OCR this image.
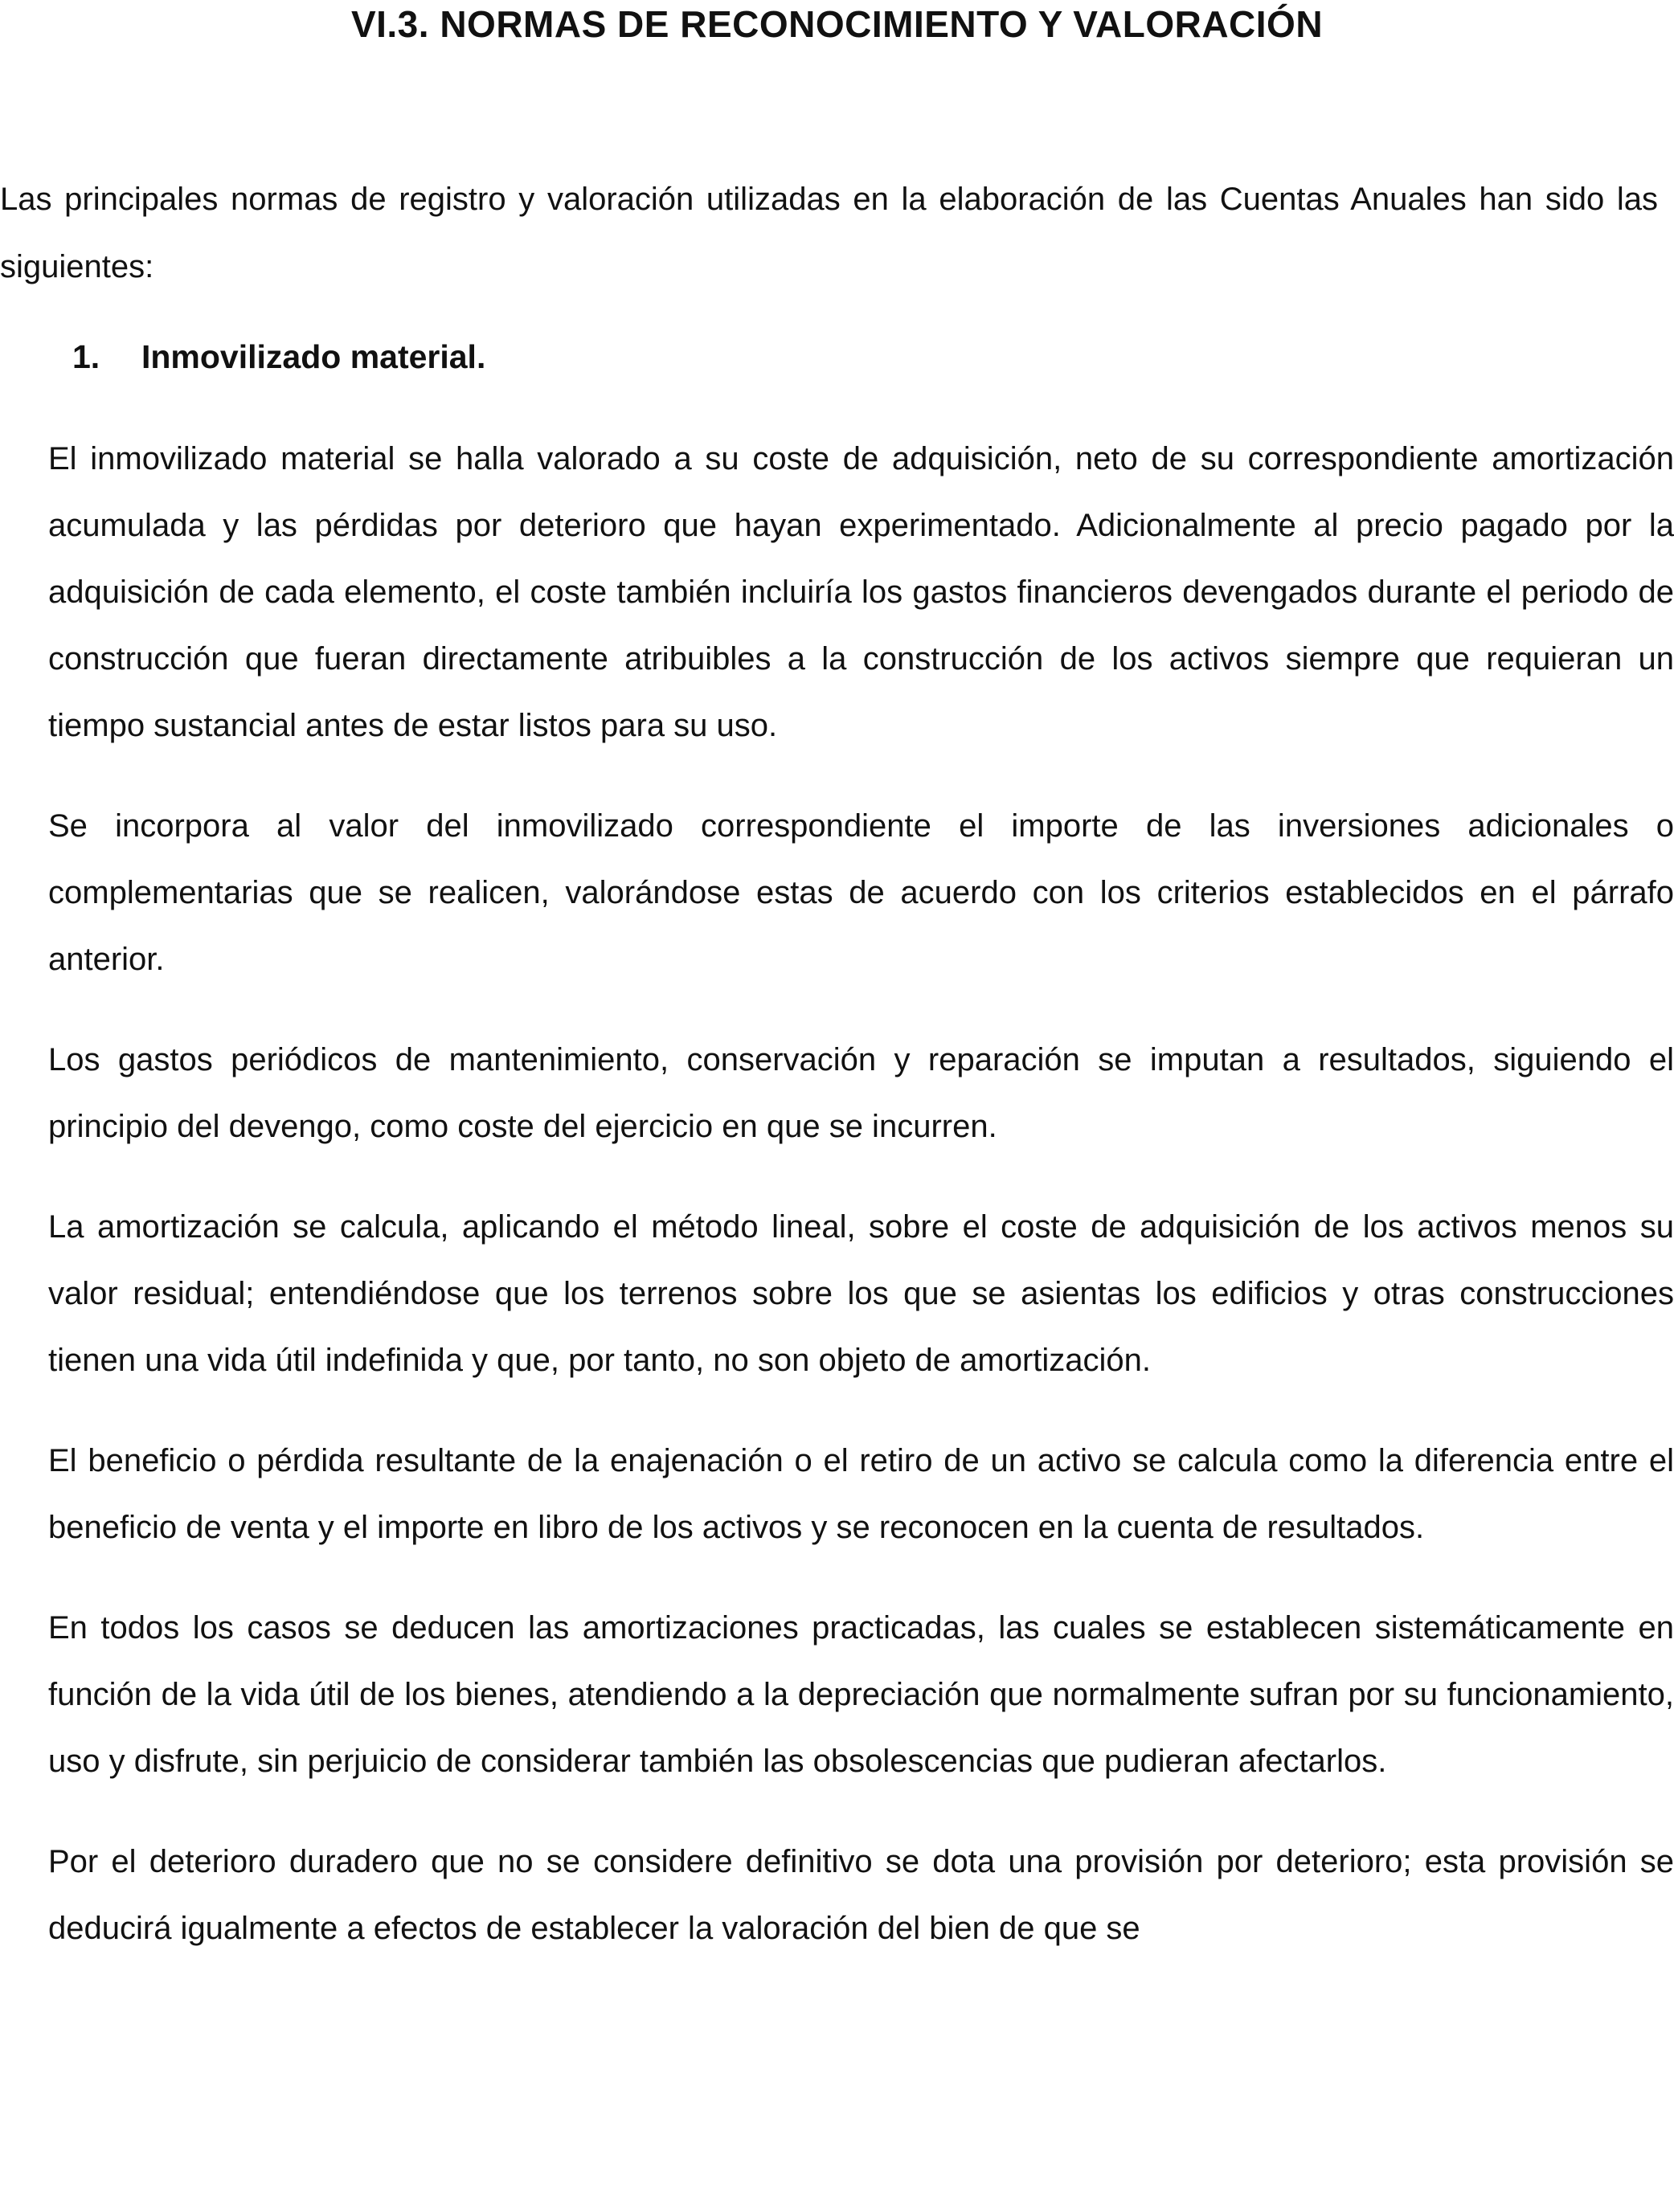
VI.3. NORMAS DE RECONOCIMIENTO Y VALORACIÓN

Las principales normas de registro y valoración utilizadas en la elaboración de las Cuentas Anuales han sido las siguientes:

1. Inmovilizado material.

El inmovilizado material se halla valorado a su coste de adquisición, neto de su correspondiente amortización acumulada y las pérdidas por deterioro que hayan experimentado. Adicionalmente al precio pagado por la adquisición de cada elemento, el coste también incluiría los gastos financieros devengados durante el periodo de construcción que fueran directamente atribuibles a la construcción de los activos siempre que requieran un tiempo sustancial antes de estar listos para su uso.

Se incorpora al valor del inmovilizado correspondiente el importe de las inversiones adicionales o complementarias que se realicen, valorándose estas de acuerdo con los criterios establecidos en el párrafo anterior.

Los gastos periódicos de mantenimiento, conservación y reparación se imputan a resultados, siguiendo el principio del devengo, como coste del ejercicio en que se incurren.

La amortización se calcula, aplicando el método lineal, sobre el coste de adquisición de los activos menos su valor residual; entendiéndose que los terrenos sobre los que se asientas los edificios y otras construcciones tienen una vida útil indefinida y que, por tanto, no son objeto de amortización.

El beneficio o pérdida resultante de la enajenación o el retiro de un activo se calcula como la diferencia entre el beneficio de venta y el importe en libro de los activos y se reconocen en la cuenta de resultados.

En todos los casos se deducen las amortizaciones practicadas, las cuales se establecen sistemáticamente en función de la vida útil de los bienes, atendiendo a la depreciación que normalmente sufran por su funcionamiento, uso y disfrute, sin perjuicio de considerar también las obsolescencias que pudieran afectarlos.

Por el deterioro duradero que no se considere definitivo se dota una provisión por deterioro; esta provisión se deducirá igualmente a efectos de establecer la valoración del bien de que se
